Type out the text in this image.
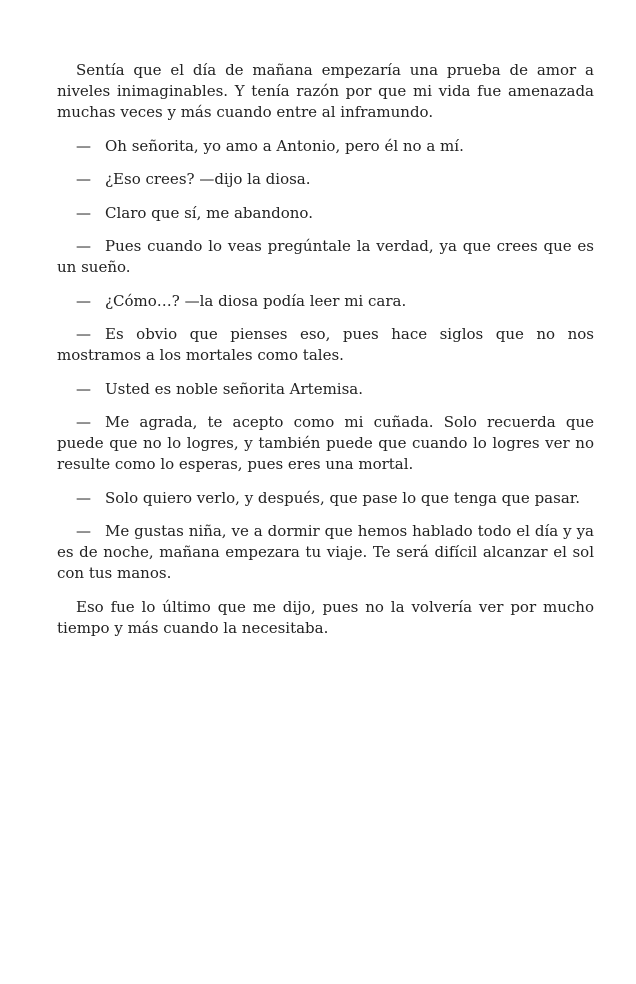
Sentía que el día de mañana empezaría una prueba de amor a niveles inimaginables. Y tenía razón por que mi vida fue amenazada muchas veces y más cuando entre al inframundo.

— Oh señorita, yo amo a Antonio, pero él no a mí.

— ¿Eso crees? —dijo la diosa.

— Claro que sí, me abandono.

— Pues cuando lo veas pregúntale la verdad, ya que crees que es un sueño.

— ¿Cómo…? —la diosa podía leer mi cara.

— Es obvio que pienses eso, pues hace siglos que no nos mostramos a los mortales como tales.

— Usted es noble señorita Artemisa.

— Me agrada, te acepto como mi cuñada. Solo recuerda que puede que no lo logres, y también puede que cuando lo logres ver no resulte como lo esperas, pues eres una mortal.

— Solo quiero verlo, y después, que pase lo que tenga que pasar.

— Me gustas niña, ve a dormir que hemos hablado todo el día y ya es de noche, mañana empezara tu viaje. Te será difícil alcanzar el sol con tus manos.

Eso fue lo último que me dijo, pues no la volvería ver por mucho tiempo y más cuando la necesitaba.
